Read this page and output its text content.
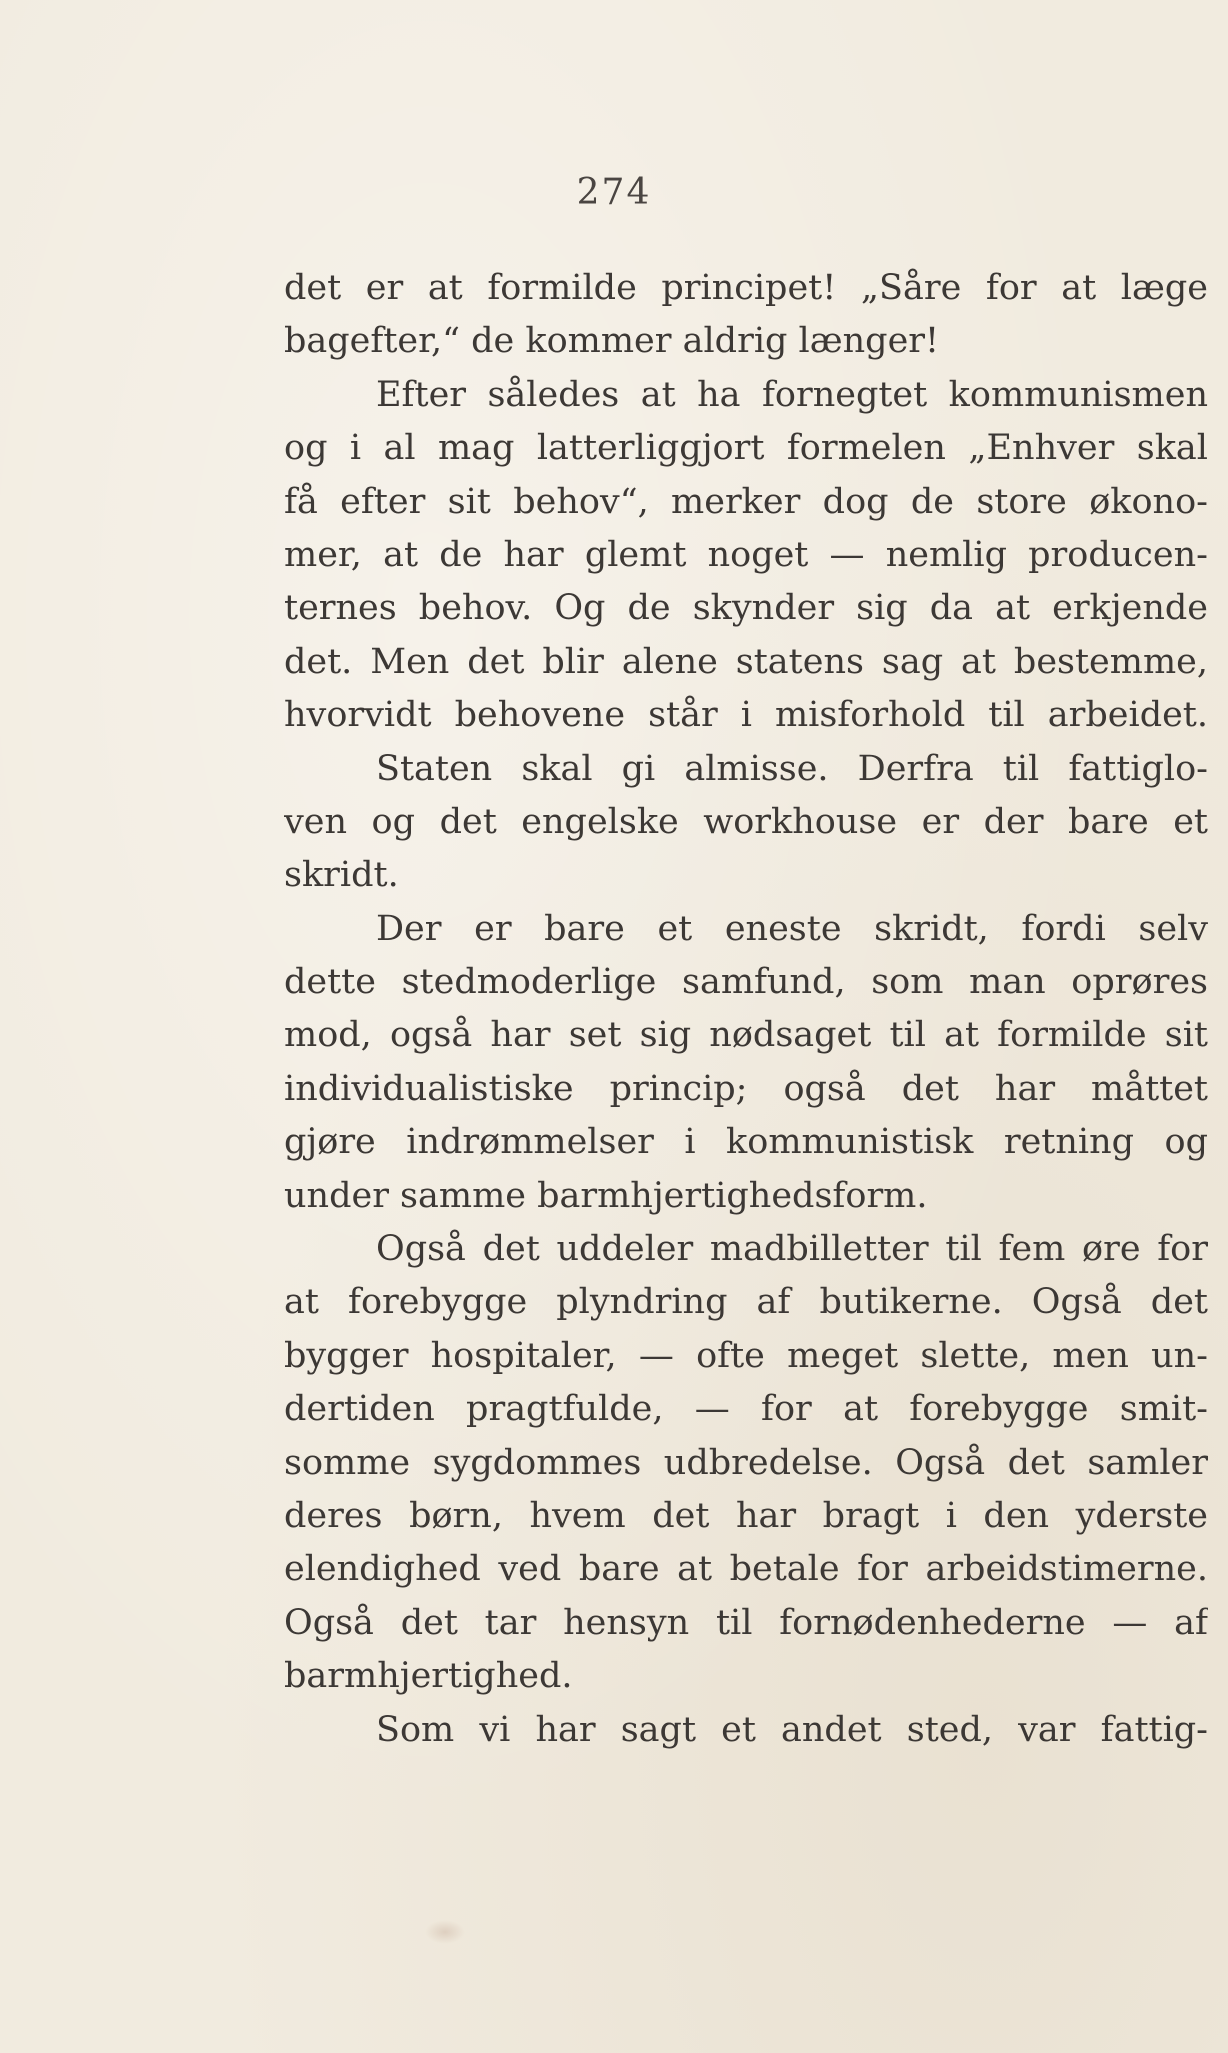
274
det er at formilde principet! „Såre for at læge
bagefter,“ de kommer aldrig længer!
Efter således at ha fornegtet kommunismen
og i al mag latterliggjort formelen „Enhver skal
få efter sit behov“, merker dog de store økono-
mer, at de har glemt noget — nemlig producen-
ternes behov. Og de skynder sig da at erkjende
det. Men det blir alene statens sag at bestemme,
hvorvidt behovene står i misforhold til arbeidet.
Staten skal gi almisse. Derfra til fattiglo-
ven og det engelske workhouse er der bare et
skridt.
Der er bare et eneste skridt, fordi selv
dette stedmoderlige samfund, som man oprøres
mod, også har set sig nødsaget til at formilde sit
individualistiske princip; også det har måttet
gjøre indrømmelser i kommunistisk retning og
under samme barmhjertighedsform.
Også det uddeler madbilletter til fem øre for
at forebygge plyndring af butikerne. Også det
bygger hospitaler, — ofte meget slette, men un-
dertiden pragtfulde, — for at forebygge smit-
somme sygdommes udbredelse. Også det samler
deres børn, hvem det har bragt i den yderste
elendighed ved bare at betale for arbeidstimerne.
Også det tar hensyn til fornødenhederne — af
barmhjertighed.
Som vi har sagt et andet sted, var fattig-
